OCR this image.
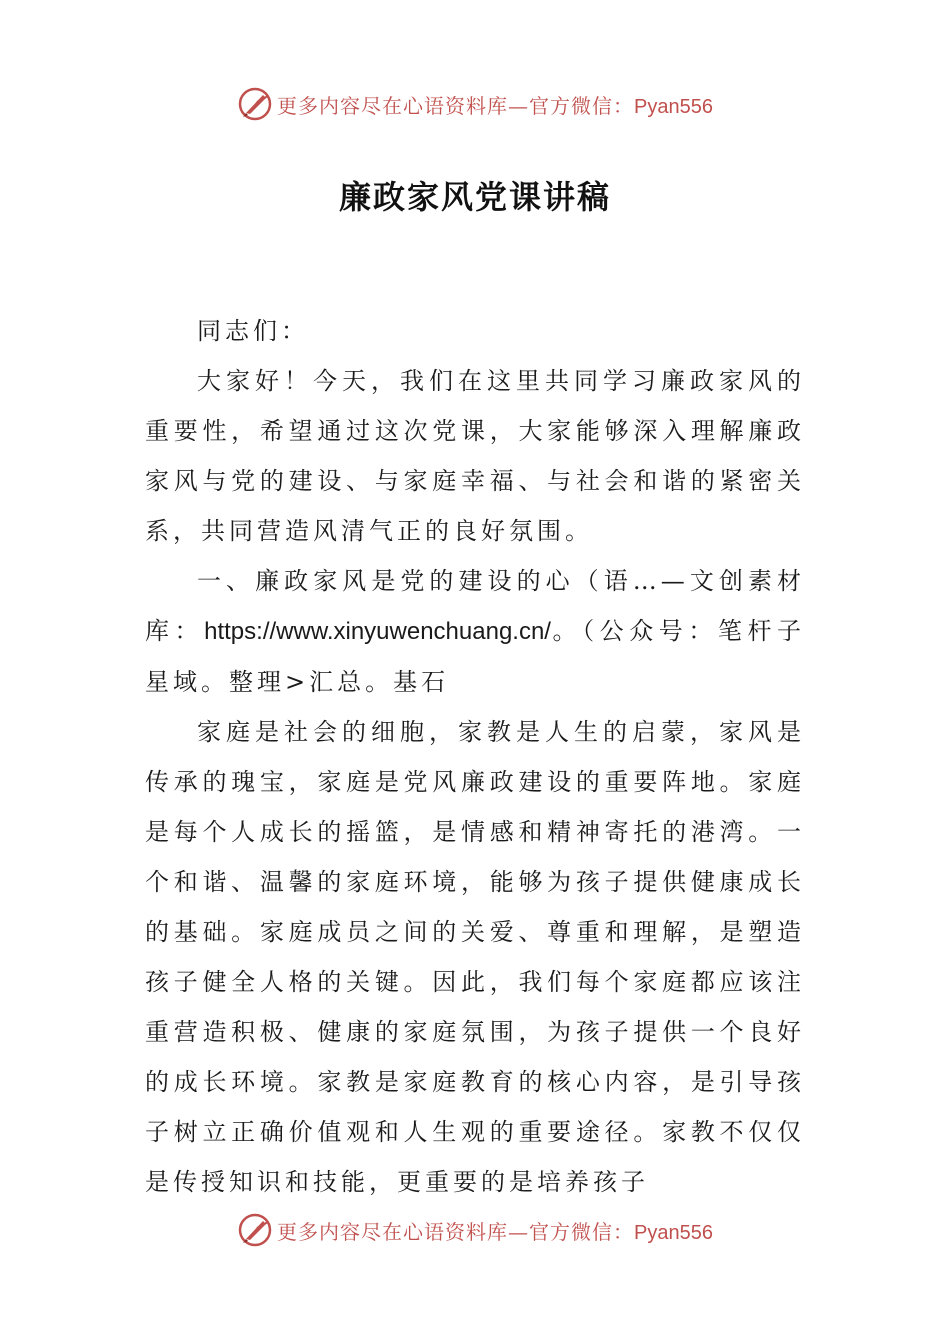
更多内容尽在心语资料库—官方微信：Pyan556
廉政家风党课讲稿

同志们：

大家好！今天，我们在这里共同学习廉政家风的重要性，希望通过这次党课，大家能够深入理解廉政家风与党的建设、与家庭幸福、与社会和谐的紧密关系，共同营造风清气正的良好氛围。

一、廉政家风是党的建设的心（语…—文创素材库：https://www.xinyuwenchuang.cn/。（公众号：笔杆子星域。整理>汇总。基石

家庭是社会的细胞，家教是人生的启蒙，家风是传承的瑰宝，家庭是党风廉政建设的重要阵地。家庭是每个人成长的摇篮，是情感和精神寄托的港湾。一个和谐、温馨的家庭环境，能够为孩子提供健康成长的基础。家庭成员之间的关爱、尊重和理解，是塑造孩子健全人格的关键。因此，我们每个家庭都应该注重营造积极、健康的家庭氛围，为孩子提供一个良好的成长环境。家教是家庭教育的核心内容，是引导孩子树立正确价值观和人生观的重要途径。家教不仅仅是传授知识和技能，更重要的是培养孩子

更多内容尽在心语资料库—官方微信：Pyan556
